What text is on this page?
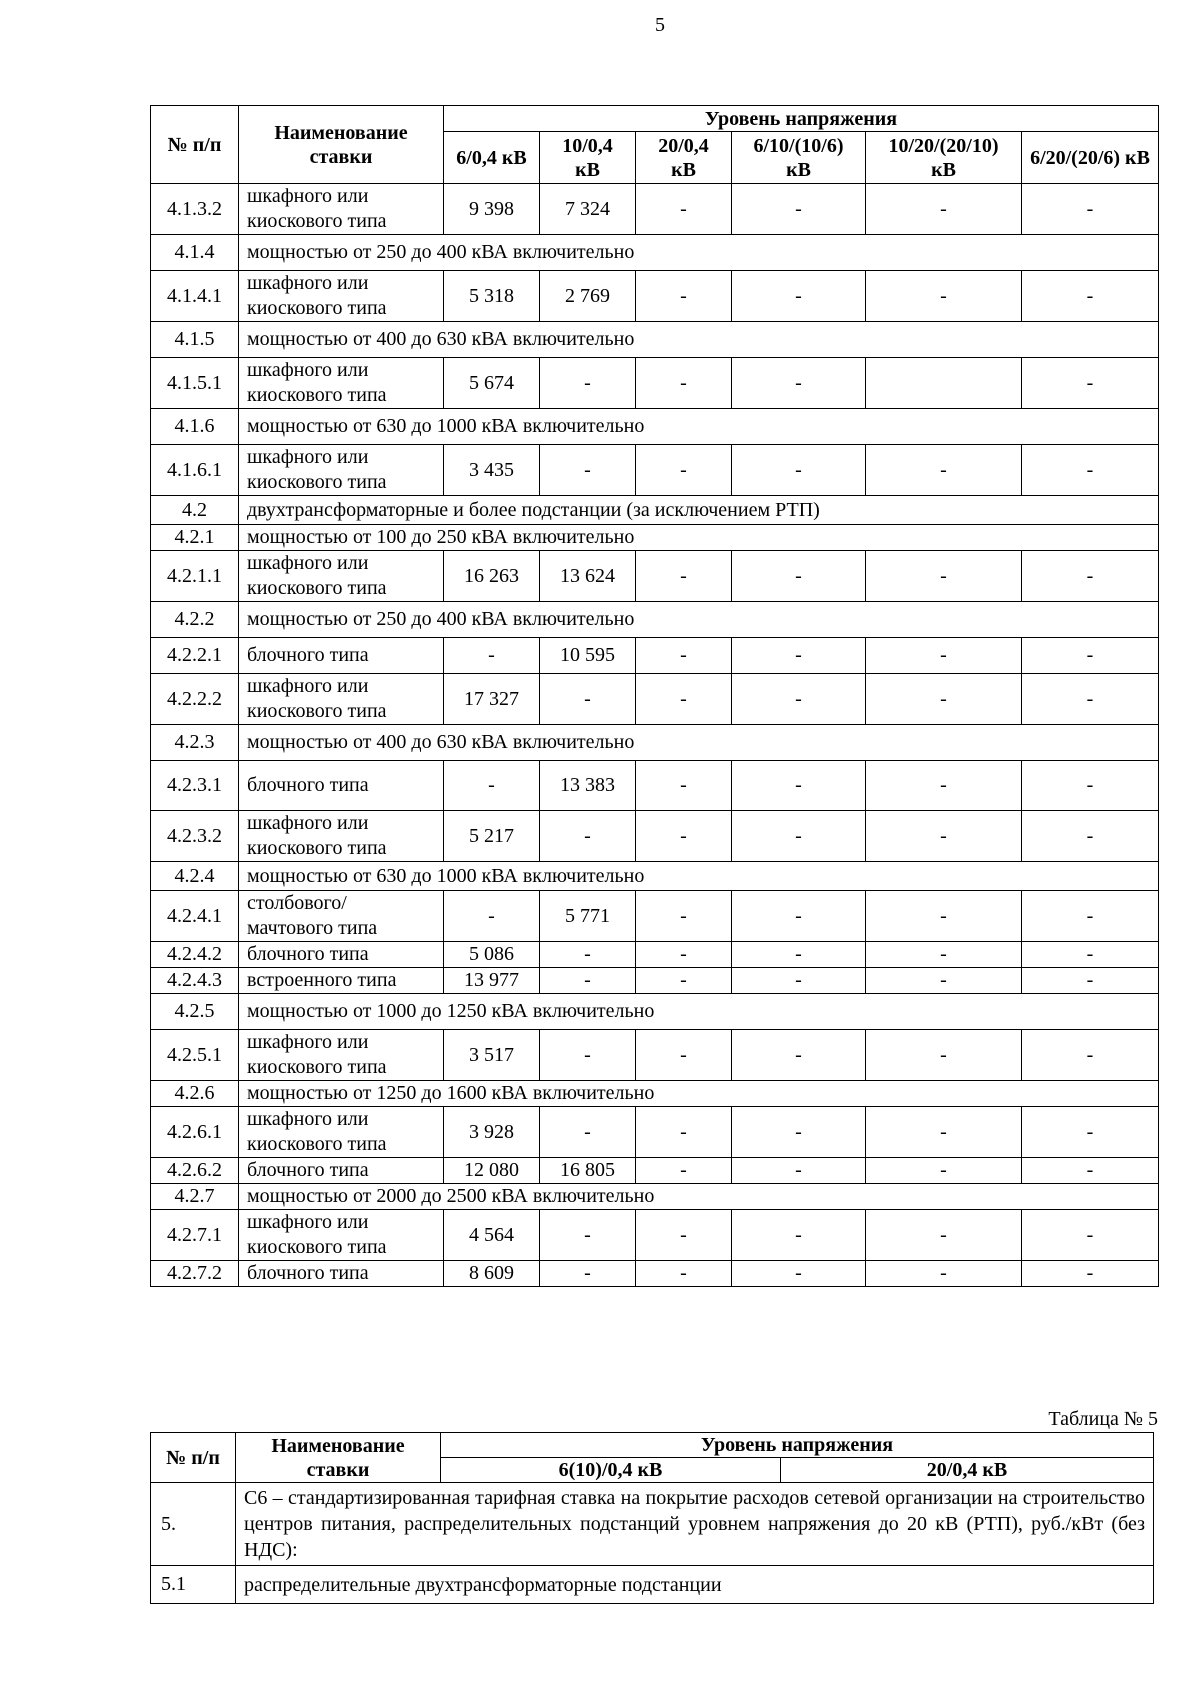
5
№ п/п	Наименование ставки	Уровень напряжения					
		6/0,4 кВ	10/0,4 кВ	20/0,4 кВ	6/10/(10/6) кВ	10/20/(20/10) кВ	6/20/(20/6) кВ
4.1.3.2	шкафного или киоскового типа	9 398	7 324	-	-	-	-
4.1.4	мощностью от 250 до 400 кВА включительно						
4.1.4.1	шкафного или киоскового типа	5 318	2 769	-	-	-	-
4.1.5	мощностью от 400 до 630 кВА включительно						
4.1.5.1	шкафного или киоскового типа	5 674	-	-	-		-
4.1.6	мощностью от 630 до 1000 кВА включительно						
4.1.6.1	шкафного или киоскового типа	3 435	-	-	-	-	-
4.2	двухтрансформаторные и более подстанции (за исключением РТП)						
4.2.1	мощностью от 100 до 250 кВА включительно						
4.2.1.1	шкафного или киоскового типа	16 263	13 624	-	-	-	-
4.2.2	мощностью от 250 до 400 кВА включительно						
4.2.2.1	блочного типа	-	10 595	-	-	-	-
4.2.2.2	шкафного или киоскового типа	17 327	-	-	-	-	-
4.2.3	мощностью от 400 до 630 кВА включительно						
4.2.3.1	блочного типа	-	13 383	-	-	-	-
4.2.3.2	шкафного или киоскового типа	5 217	-	-	-	-	-
4.2.4	мощностью от 630 до 1000 кВА включительно						
4.2.4.1	столбового/ мачтового типа	-	5 771	-	-	-	-
4.2.4.2	блочного типа	5 086	-	-	-	-	-
4.2.4.3	встроенного типа	13 977	-	-	-	-	-
4.2.5	мощностью от 1000 до 1250 кВА включительно						
4.2.5.1	шкафного или киоскового типа	3 517	-	-	-	-	-
4.2.6	мощностью от 1250 до 1600 кВА включительно						
4.2.6.1	шкафного или киоскового типа	3 928	-	-	-	-	-
4.2.6.2	блочного типа	12 080	16 805	-	-	-	-
4.2.7	мощностью от 2000 до 2500 кВА включительно						
4.2.7.1	шкафного или киоскового типа	4 564	-	-	-	-	-
4.2.7.2	блочного типа	8 609	-	-	-	-	-
Таблица № 5
№ п/п	Наименование ставки	Уровень напряжения	
		6(10)/0,4 кВ	20/0,4 кВ
5.	С6 – стандартизированная тарифная ставка на покрытие расходов сетевой организации на строительство центров питания, распределительных подстанций уровнем напряжения до 20 кВ (РТП), руб./кВт (без НДС):		
5.1	распределительные двухтрансформаторные подстанции		
